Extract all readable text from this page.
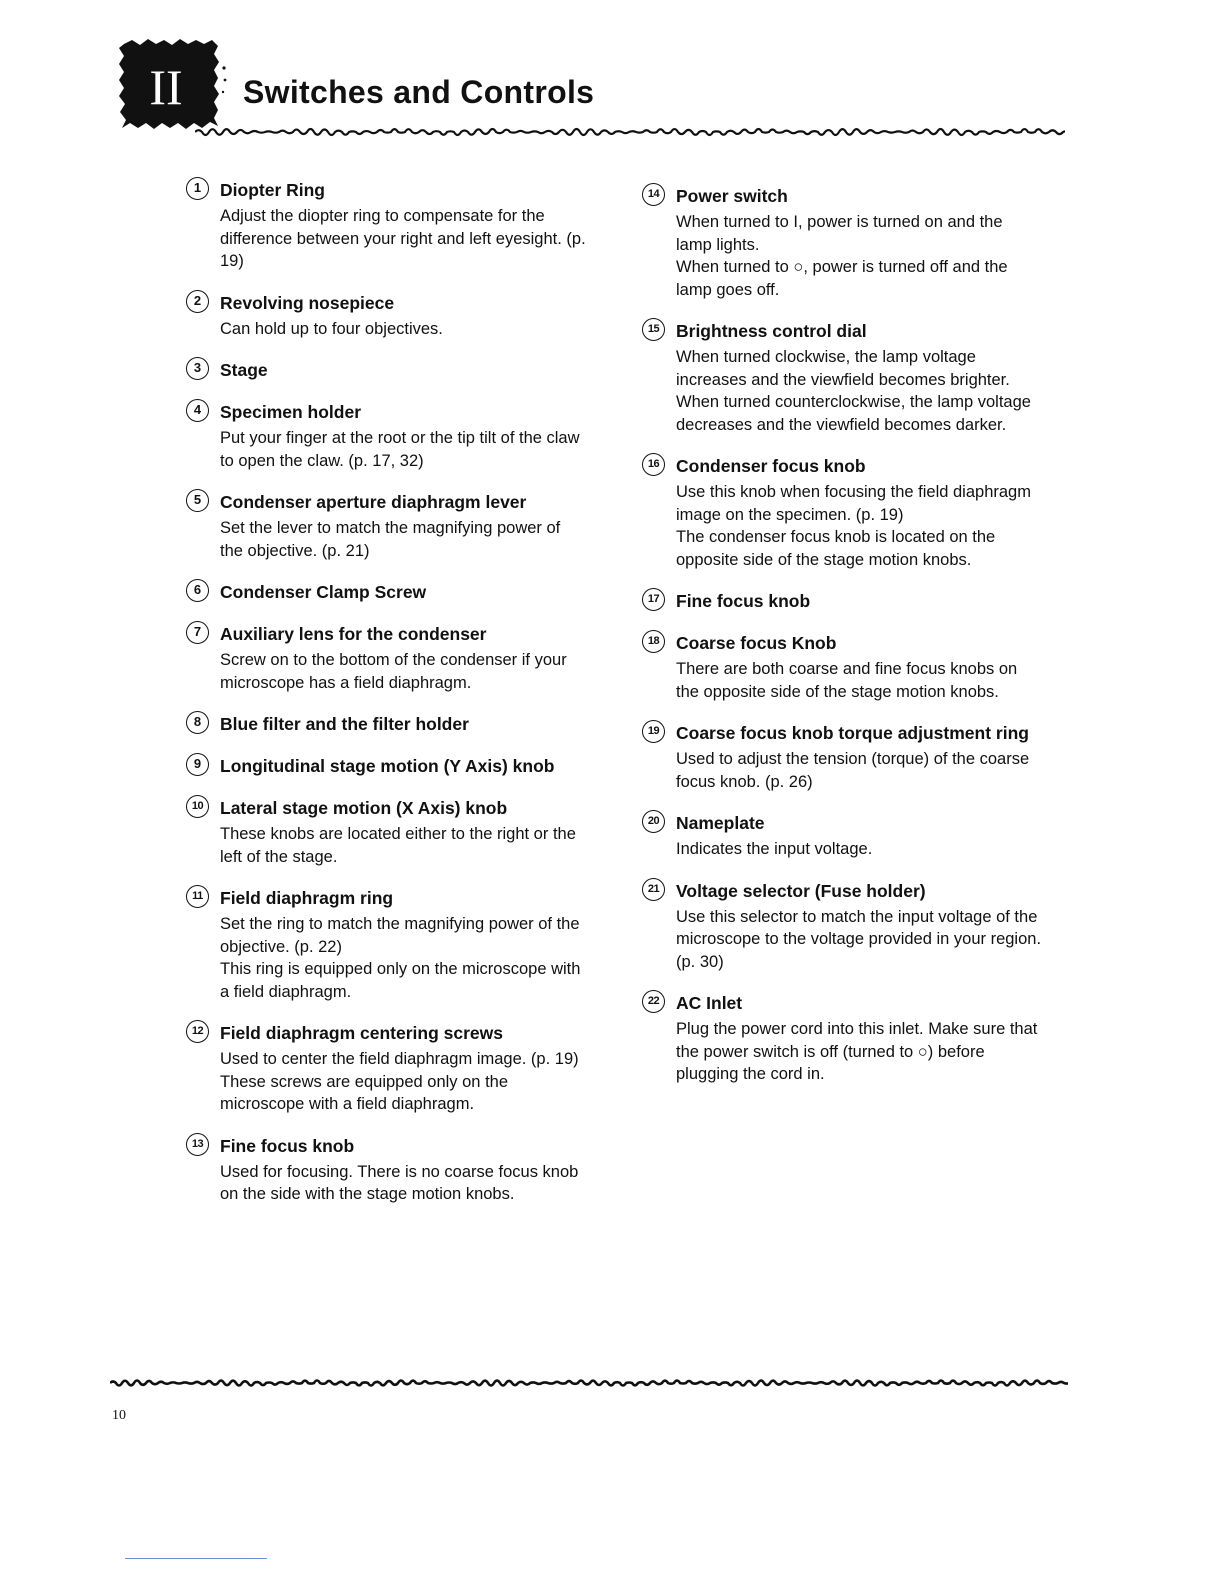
II Switches and Controls
1	Diopter Ring

Adjust the diopter ring to compensate for the difference between your right and left eyesight. (p. 19)

2	Revolving nosepiece

Can hold up to four objectives.

3	Stage
4	Specimen holder

Put your finger at the root or the tip tilt of the claw to open the claw. (p. 17, 32)

5	Condenser aperture diaphragm lever

Set the lever to match the magnifying power of the objective. (p. 21)

6	Condenser Clamp Screw
7	Auxiliary lens for the condenser

Screw on to the bottom of the condenser if your microscope has a field diaphragm.

8	Blue filter and the filter holder
9	Longitudinal stage motion (Y Axis) knob
10 Lateral stage motion (X Axis) knob

These knobs are located either to the right or the left of the stage.

11 Field diaphragm ring

Set the ring to match the magnifying power of the objective. (p. 22)

This ring is equipped only on the microscope with a field diaphragm.

12 Field diaphragm centering screws

Used to center the field diaphragm image. (p. 19)

These screws are equipped only on the microscope with a field diaphragm.

13 Fine focus knob

Used for focusing. There is no coarse focus knob on the side with the stage motion knobs.

14 Power switch

When turned to I, power is turned on and the lamp lights.

When turned to ○, power is turned off and the lamp goes off.

15 Brightness control dial

When turned clockwise, the lamp voltage increases and the viewfield becomes brighter.

When turned counterclockwise, the lamp voltage decreases and the viewfield becomes darker.

16 Condenser focus knob

Use this knob when focusing the field diaphragm image on the specimen. (p. 19)

The condenser focus knob is located on the opposite side of the stage motion knobs.

17 Fine focus knob
18 Coarse focus Knob

There are both coarse and fine focus knobs on the opposite side of the stage motion knobs.

19 Coarse focus knob torque adjustment ring

Used to adjust the tension (torque) of the coarse focus knob. (p. 26)

20 Nameplate

Indicates the input voltage.

21 Voltage selector (Fuse holder)

Use this selector to match the input voltage of the microscope to the voltage provided in your region. (p. 30)

22 AC Inlet

Plug the power cord into this inlet. Make sure that the power switch is off (turned to ○) before plugging the cord in.

10
